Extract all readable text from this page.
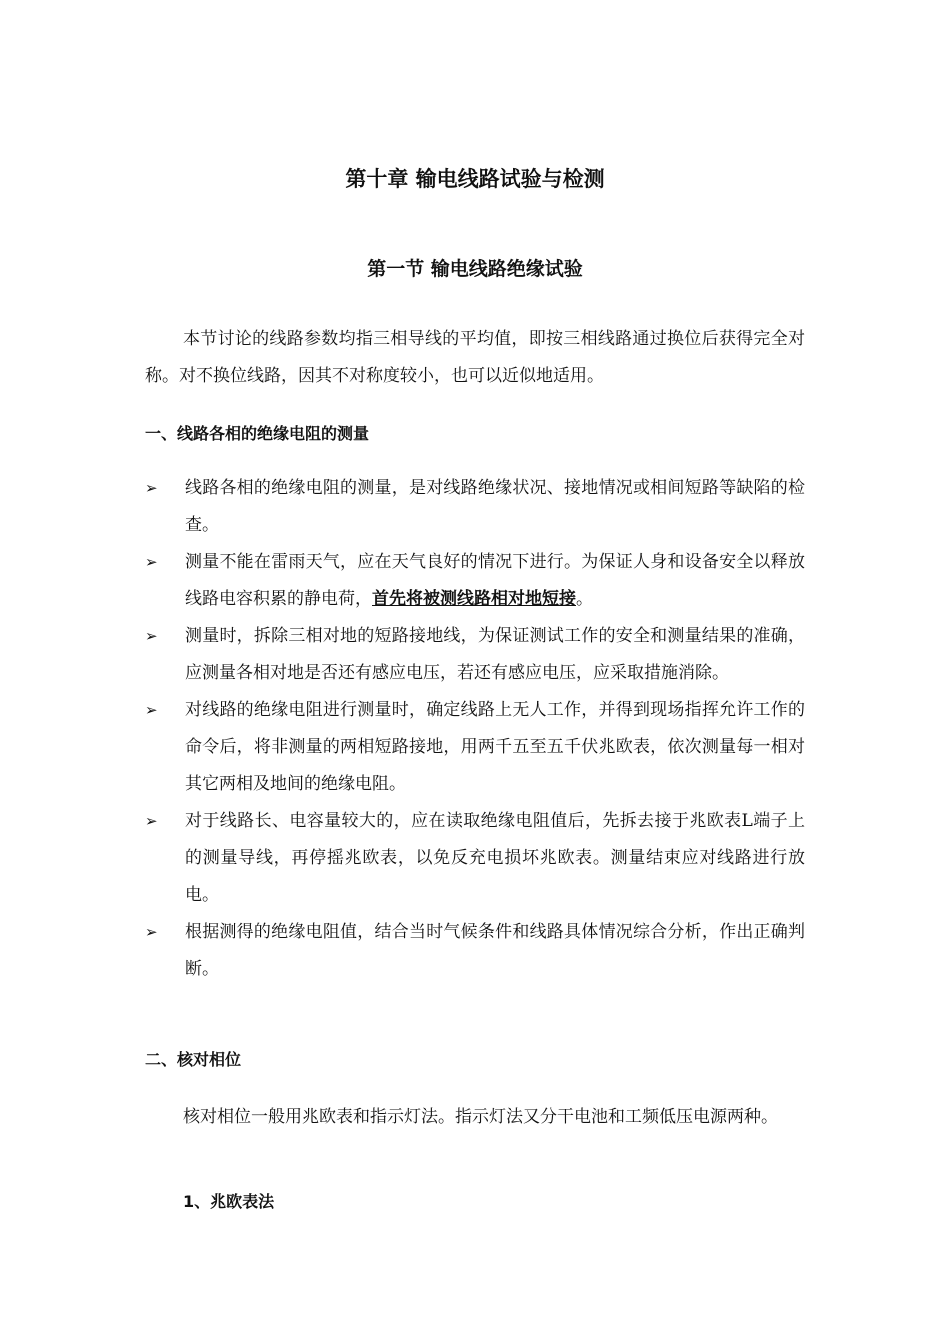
第十章 输电线路试验与检测
第一节 输电线路绝缘试验

本节讨论的线路参数均指三相导线的平均值，即按三相线路通过换位后获得完全对称。对不换位线路，因其不对称度较小，也可以近似地适用。

一、线路各相的绝缘电阻的测量
➢	线路各相的绝缘电阻的测量，是对线路绝缘状况、接地情况或相间短路等缺陷的检查。
➢	测量不能在雷雨天气，应在天气良好的情况下进行。为保证人身和设备安全以释放线路电容积累的静电荷，首先将被测线路相对地短接。
➢	测量时，拆除三相对地的短路接地线，为保证测试工作的安全和测量结果的准确，应测量各相对地是否还有感应电压，若还有感应电压，应采取措施消除。
➢	对线路的绝缘电阻进行测量时，确定线路上无人工作，并得到现场指挥允许工作的命令后，将非测量的两相短路接地，用两千五至五千伏兆欧表，依次测量每一相对其它两相及地间的绝缘电阻。
➢	对于线路长、电容量较大的，应在读取绝缘电阻值后，先拆去接于兆欧表L端子上的测量导线，再停摇兆欧表，以免反充电损坏兆欧表。测量结束应对线路进行放电。
➢	根据测得的绝缘电阻值，结合当时气候条件和线路具体情况综合分析，作出正确判断。
二、核对相位

核对相位一般用兆欧表和指示灯法。指示灯法又分干电池和工频低压电源两种。

1、兆欧表法
